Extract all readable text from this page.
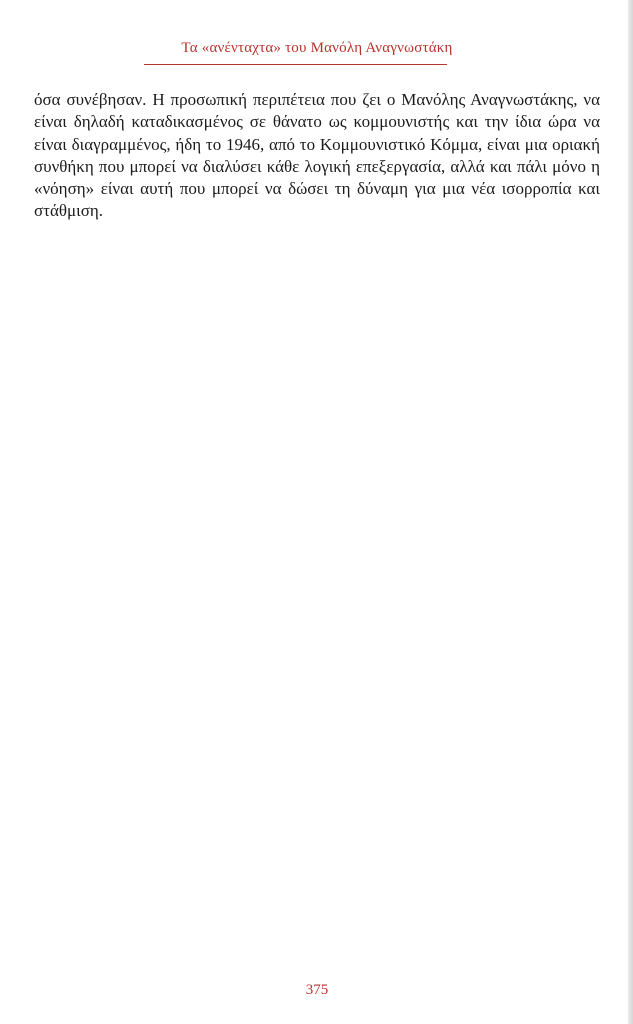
Τα «ανένταχτα» του Μανόλη Αναγνωστάκη
όσα συνέβησαν. Η προσωπική περιπέτεια που ζει ο Μανόλης Αναγνωστάκης, να είναι δηλαδή καταδικασμένος σε θάνατο ως κομμουνιστής και την ίδια ώρα να είναι διαγραμμένος, ήδη το 1946, από το Κομμουνιστικό Κόμμα, είναι μια οριακή συνθήκη που μπορεί να διαλύσει κάθε λογική επεξεργασία, αλλά και πάλι μόνο η «νόηση» είναι αυτή που μπορεί να δώσει τη δύναμη για μια νέα ισορροπία και στάθμιση.
375
